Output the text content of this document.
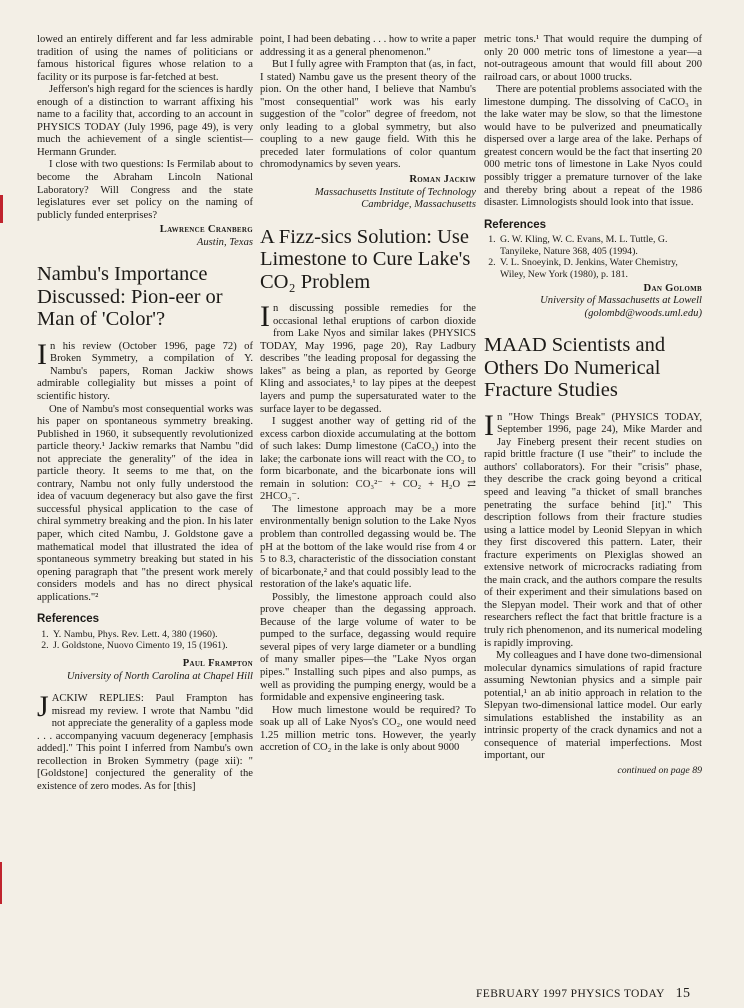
lowed an entirely different and far less admirable tradition of using the names of politicians or famous historical figures whose relation to a facility or its purpose is far-fetched at best.

Jefferson's high regard for the sciences is hardly enough of a distinction to warrant affixing his name to a facility that, according to an account in PHYSICS TODAY (July 1996, page 49), is very much the achievement of a single scientist—Hermann Grunder.

I close with two questions: Is Fermilab about to become the Abraham Lincoln National Laboratory? Will Congress and the state legislatures ever set policy on the naming of publicly funded enterprises?

Lawrence Cranberg
Austin, Texas
Nambu's Importance Discussed: Pion-eer or Man of 'Color'?

In his review (October 1996, page 72) of Broken Symmetry, a compilation of Y. Nambu's papers, Roman Jackiw shows admirable collegiality but misses a point of scientific history.

One of Nambu's most consequential works was his paper on spontaneous symmetry breaking. Published in 1960, it subsequently revolutionized particle theory.¹ Jackiw remarks that Nambu "did not appreciate the generality" of the idea in particle theory. It seems to me that, on the contrary, Nambu not only fully understood the idea of vacuum degeneracy but also gave the first successful physical application to the case of chiral symmetry breaking and the pion. In his later paper, which cited Nambu, J. Goldstone gave a mathematical model that illustrated the idea of spontaneous symmetry breaking but stated in his opening paragraph that "the present work merely considers models and has no direct physical applications."²

References
1. Y. Nambu, Phys. Rev. Lett. 4, 380 (1960).
2. J. Goldstone, Nuovo Cimento 19, 15 (1961).
Paul Frampton
University of North Carolina at Chapel Hill

JACKIW REPLIES: Paul Frampton has misread my review. I wrote that Nambu "did not appreciate the generality of a gapless mode . . . accompanying vacuum degeneracy [emphasis added]." This point I inferred from Nambu's own recollection in Broken Symmetry (page xii): "[Goldstone] conjectured the generality of the existence of zero modes. As for [this]

point, I had been debating . . . how to write a paper addressing it as a general phenomenon."

But I fully agree with Frampton that (as, in fact, I stated) Nambu gave us the present theory of the pion. On the other hand, I believe that Nambu's "most consequential" work was his early suggestion of the "color" degree of freedom, not only leading to a global symmetry, but also coupling to a new gauge field. With this he preceded later formulations of color quantum chromodynamics by seven years.

Roman Jackiw
Massachusetts Institute of Technology
Cambridge, Massachusetts
A Fizz-sics Solution: Use Limestone to Cure Lake's CO₂ Problem

In discussing possible remedies for the occasional lethal eruptions of carbon dioxide from Lake Nyos and similar lakes (PHYSICS TODAY, May 1996, page 20), Ray Ladbury describes "the leading proposal for degassing the lakes" as being a plan, as reported by George Kling and associates,¹ to lay pipes at the deepest layers and pump the supersaturated water to the surface layer to be degassed.

I suggest another way of getting rid of the excess carbon dioxide accumulating at the bottom of such lakes: Dump limestone (CaCO₃) into the lake; the carbonate ions will react with the CO₂ to form bicarbonate, and the bicarbonate ions will remain in solution: CO₃²⁻ + CO₂ + H₂O ⇄ 2HCO₃⁻.

The limestone approach may be a more environmentally benign solution to the Lake Nyos problem than controlled degassing would be. The pH at the bottom of the lake would rise from 4 or 5 to 8.3, characteristic of the dissociation constant of bicarbonate,² and that could possibly lead to the restoration of the lake's aquatic life.

Possibly, the limestone approach could also prove cheaper than the degassing approach. Because of the large volume of water to be pumped to the surface, degassing would require several pipes of very large diameter or a bundling of many smaller pipes—the "Lake Nyos organ pipes." Installing such pipes and also pumps, as well as providing the pumping energy, would be a formidable and expensive engineering task.

How much limestone would be required? To soak up all of Lake Nyos's CO₂, one would need 1.25 million metric tons. However, the yearly accretion of CO₂ in the lake is only about 9000

metric tons.¹ That would require the dumping of only 20 000 metric tons of limestone a year—a not-outrageous amount that would fill about 200 railroad cars, or about 1000 trucks.

There are potential problems associated with the limestone dumping. The dissolving of CaCO₃ in the lake water may be slow, so that the limestone would have to be pulverized and pneumatically dispersed over a large area of the lake. Perhaps of greatest concern would be the fact that inserting 20 000 metric tons of limestone in Lake Nyos could possibly trigger a premature turnover of the lake and thereby bring about a repeat of the 1986 disaster. Limnologists should look into that issue.

References
1. G. W. Kling, W. C. Evans, M. L. Tuttle, G. Tanyileke, Nature 368, 405 (1994).
2. V. L. Snoeyink, D. Jenkins, Water Chemistry, Wiley, New York (1980), p. 181.
Dan Golomb
University of Massachusetts at Lowell
(golombd@woods.uml.edu)
MAAD Scientists and Others Do Numerical Fracture Studies

In "How Things Break" (PHYSICS TODAY, September 1996, page 24), Mike Marder and Jay Fineberg present their recent studies on rapid brittle fracture (I use "their" to include the authors' collaborators). For their "crisis" phase, they describe the crack going beyond a critical speed and leaving "a thicket of small branches penetrating the surface behind [it]." This description follows from their fracture studies using a lattice model by Leonid Slepyan in which they first discovered this pattern. Later, their fracture experiments on Plexiglas showed an extensive network of microcracks radiating from the main crack, and the authors compare the results of their experiment and their simulations based on the Slepyan model. Their work and that of other researchers reflect the fact that brittle fracture is a truly rich phenomenon, and its numerical modeling is rapidly improving.

My colleagues and I have done two-dimensional molecular dynamics simulations of rapid fracture assuming Newtonian physics and a simple pair potential,¹ an ab initio approach in relation to the Slepyan two-dimensional lattice model. Our early simulations established the instability as an intrinsic property of the crack dynamics and not a consequence of material imperfections. Most important, our

continued on page 89
FEBRUARY 1997 PHYSICS TODAY 15
